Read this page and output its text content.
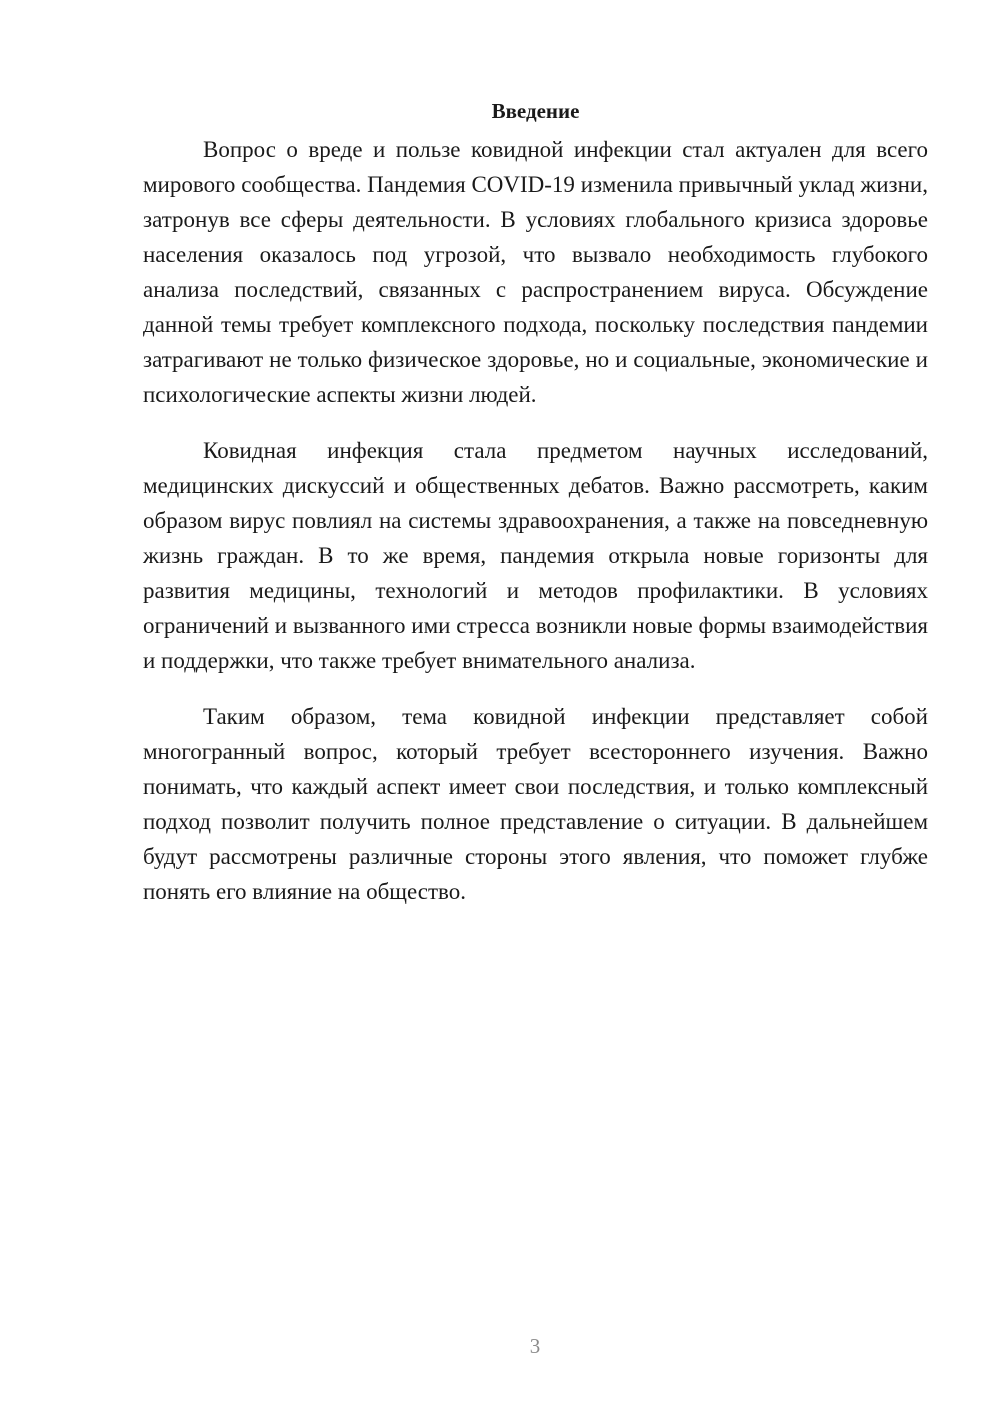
Введение

Вопрос о вреде и пользе ковидной инфекции стал актуален для всего мирового сообщества. Пандемия COVID-19 изменила привычный уклад жизни, затронув все сферы деятельности. В условиях глобального кризиса здоровье населения оказалось под угрозой, что вызвало необходимость глубокого анализа последствий, связанных с распространением вируса. Обсуждение данной темы требует комплексного подхода, поскольку последствия пандемии затрагивают не только физическое здоровье, но и социальные, экономические и психологические аспекты жизни людей.

Ковидная инфекция стала предметом научных исследований, медицинских дискуссий и общественных дебатов. Важно рассмотреть, каким образом вирус повлиял на системы здравоохранения, а также на повседневную жизнь граждан. В то же время, пандемия открыла новые горизонты для развития медицины, технологий и методов профилактики. В условиях ограничений и вызванного ими стресса возникли новые формы взаимодействия и поддержки, что также требует внимательного анализа.

Таким образом, тема ковидной инфекции представляет собой многогранный вопрос, который требует всестороннего изучения. Важно понимать, что каждый аспект имеет свои последствия, и только комплексный подход позволит получить полное представление о ситуации. В дальнейшем будут рассмотрены различные стороны этого явления, что поможет глубже понять его влияние на общество.

3
